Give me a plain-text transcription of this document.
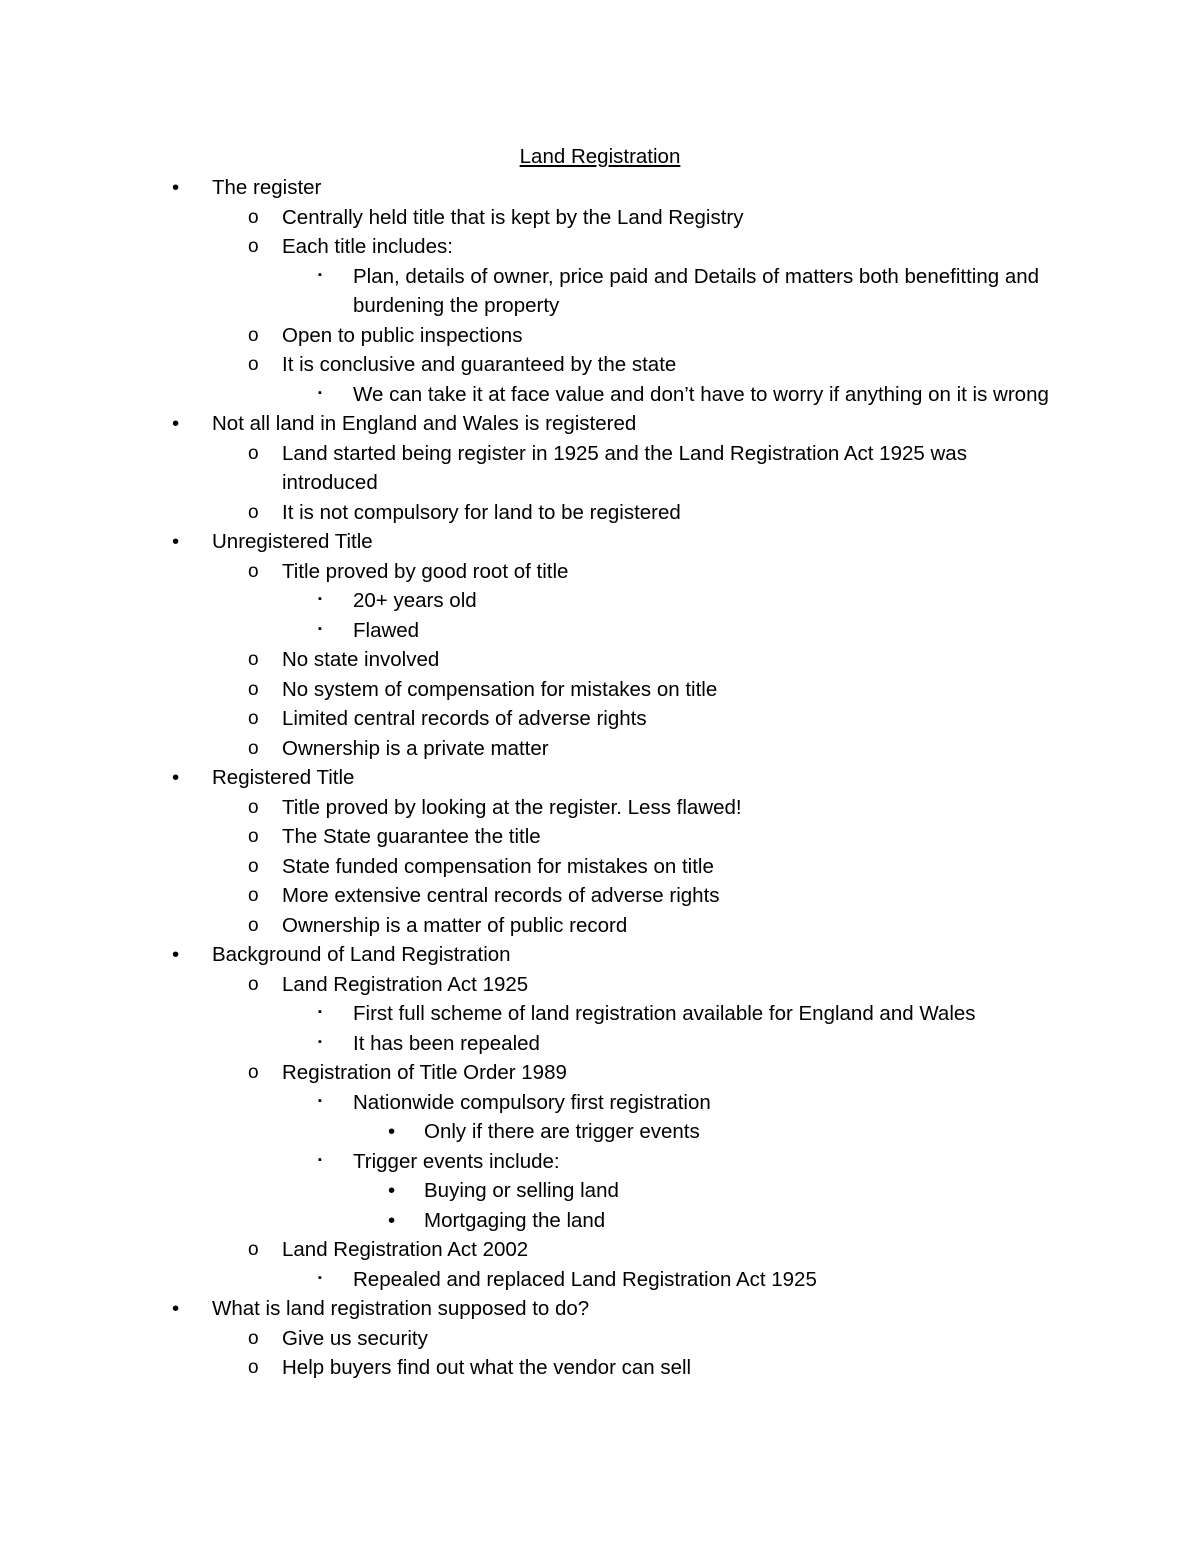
Land Registration
• The register
o Centrally held title that is kept by the Land Registry
o Each title includes:
▪ Plan, details of owner, price paid and Details of matters both benefitting and burdening the property
o Open to public inspections
o It is conclusive and guaranteed by the state
▪ We can take it at face value and don’t have to worry if anything on it is wrong
• Not all land in England and Wales is registered
o Land started being register in 1925 and the Land Registration Act 1925 was introduced
o It is not compulsory for land to be registered
• Unregistered Title
o Title proved by good root of title
▪ 20+ years old
▪ Flawed
o No state involved
o No system of compensation for mistakes on title
o Limited central records of adverse rights
o Ownership is a private matter
• Registered Title
o Title proved by looking at the register. Less flawed!
o The State guarantee the title
o State funded compensation for mistakes on title
o More extensive central records of adverse rights
o Ownership is a matter of public record
• Background of Land Registration
o Land Registration Act 1925
▪ First full scheme of land registration available for England and Wales
▪ It has been repealed
o Registration of Title Order 1989
▪ Nationwide compulsory first registration
• Only if there are trigger events
▪ Trigger events include:
• Buying or selling land
• Mortgaging the land
o Land Registration Act 2002
▪ Repealed and replaced Land Registration Act 1925
• What is land registration supposed to do?
o Give us security
o Help buyers find out what the vendor can sell
